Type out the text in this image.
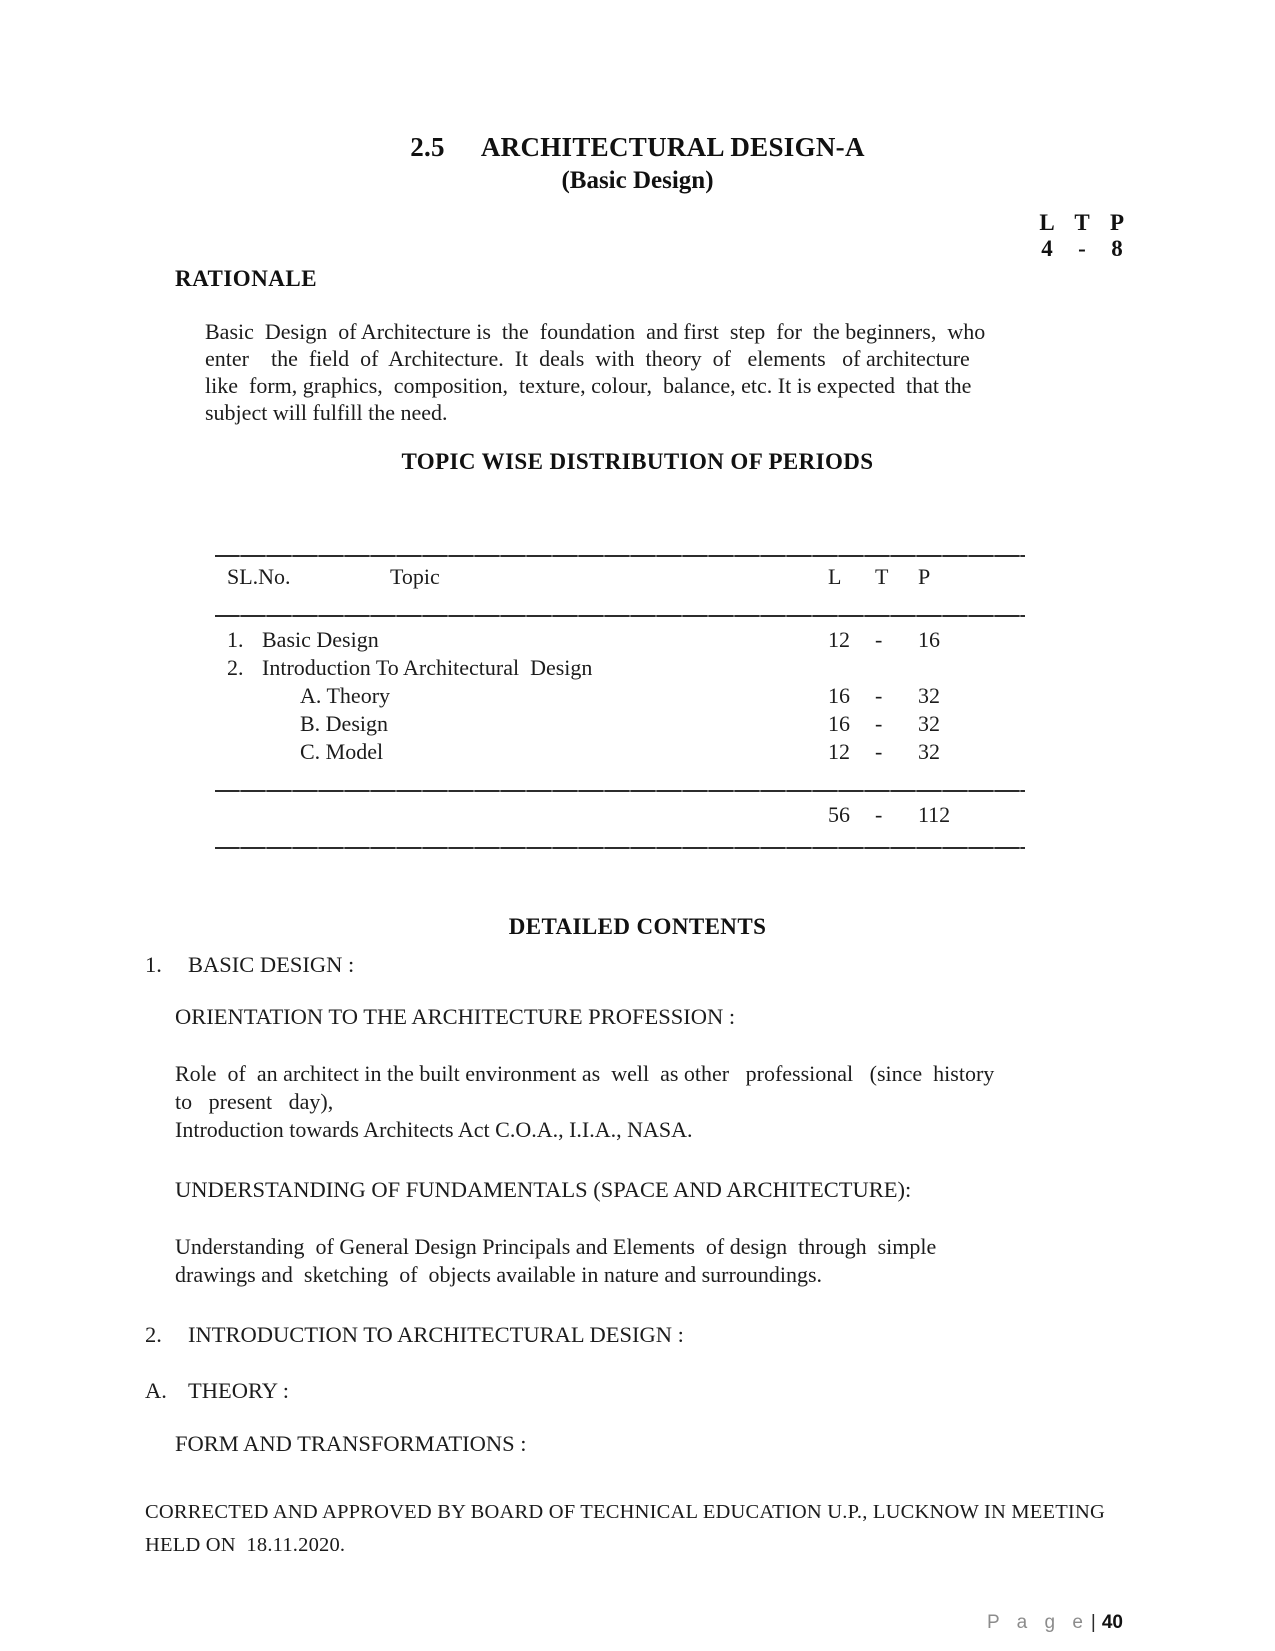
2.5 ARCHITECTURAL DESIGN-A
(Basic Design)
L T P
4	-	8
RATIONALE
Basic  Design  of Architecture is  the  foundation  and first  step  for  the beginners,  who
enter    the  field  of  Architecture.  It  deals  with  theory  of   elements   of architecture
like  form, graphics,  composition,  texture, colour,  balance, etc. It is expected  that the
subject will fulfill the need.
TOPIC WISE DISTRIBUTION OF PERIODS
SL.No.	Topic	L	T	P
1. Basic Design	12	-	16
2. Introduction To Architectural  Design
A. Theory	16	-	32
B. Design	16	-	32
C. Model	12	-	32
56	-	112
DETAILED CONTENTS
1. BASIC DESIGN :
ORIENTATION TO THE ARCHITECTURE PROFESSION :
Role  of  an architect in the built environment as  well  as other   professional   (since  history
to   present   day),
Introduction towards Architects Act C.O.A., I.I.A., NASA.
UNDERSTANDING OF FUNDAMENTALS (SPACE AND ARCHITECTURE):
Understanding  of General Design Principals and Elements  of design  through  simple
drawings and  sketching  of  objects available in nature and surroundings.
2. INTRODUCTION TO ARCHITECTURAL DESIGN :
A. THEORY :
FORM AND TRANSFORMATIONS :
CORRECTED AND APPROVED BY BOARD OF TECHNICAL EDUCATION U.P., LUCKNOW IN MEETING
HELD ON  18.11.2020.
P a g e | 40
